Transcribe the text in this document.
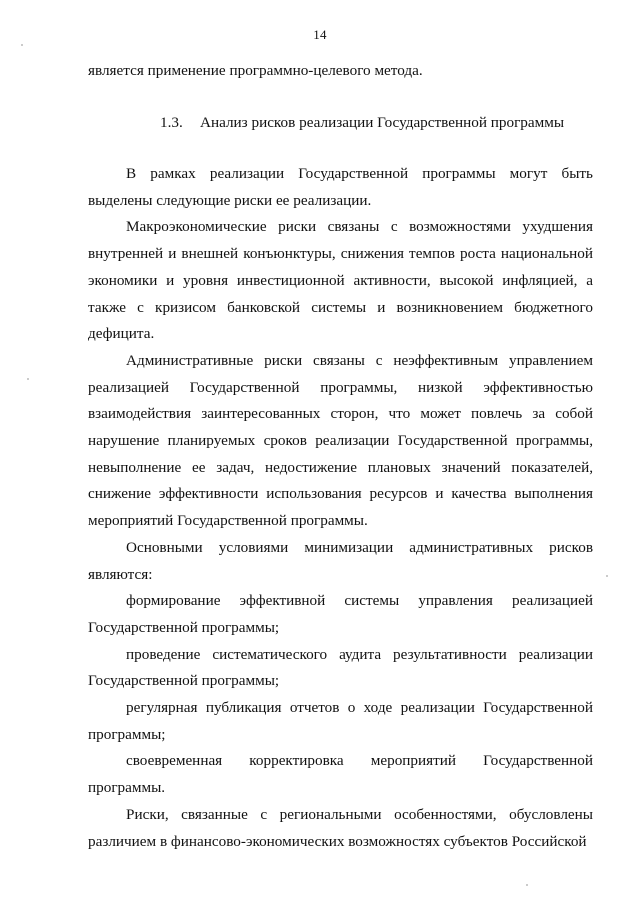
14
является применение программно-целевого метода.
1.3. Анализ рисков реализации Государственной программы

В рамках реализации Государственной программы могут быть выделены следующие риски ее реализации.

Макроэкономические риски связаны с возможностями ухудшения внутренней и внешней конъюнктуры, снижения темпов роста национальной экономики и уровня инвестиционной активности, высокой инфляцией, а также с кризисом банковской системы и возникновением бюджетного дефицита.

Административные риски связаны с неэффективным управлением реализацией Государственной программы, низкой эффективностью взаимодействия заинтересованных сторон, что может повлечь за собой нарушение планируемых сроков реализации Государственной программы, невыполнение ее задач, недостижение плановых значений показателей, снижение эффективности использования ресурсов и качества выполнения мероприятий Государственной программы.

Основными условиями минимизации административных рисков являются:

формирование эффективной системы управления реализацией Государственной программы;

проведение систематического аудита результативности реализации Государственной программы;

регулярная публикация отчетов о ходе реализации Государственной программы;

своевременная корректировка мероприятий Государственной программы.

Риски, связанные с региональными особенностями, обусловлены различием в финансово-экономических возможностях субъектов Российской
